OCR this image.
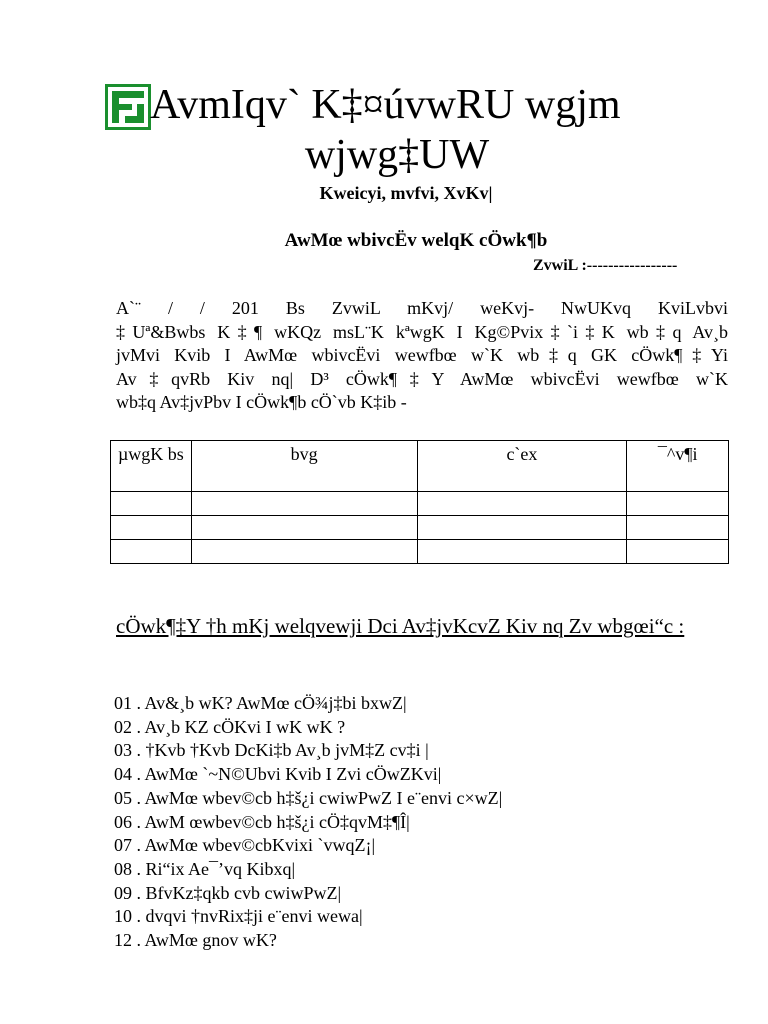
AvmIqv` K‡¤úvwRU wgjm
wjwg‡UW
Kweicyi, mvfvi, XvKv|
AwMœ wbivcËv welqK cÖwk¶b
ZvwiL :-----------------
A`¨ / / 201 Bs ZvwiL mKvj/ weKvj- NwUKvq KviLvbvi
‡Uª&Bwbs K‡¶ wKQz msL¨K kªwgK I Kg©Pvix‡`i‡K wb‡q Av¸b
jvMvi Kvib I AwMœ wbivcËvi wewfbœ w`K wb‡q GK cÖwk¶‡Yi
Av‡qvRb Kiv nq| D³ cÖwk¶‡Y AwMœ wbivcËvi wewfbœ w`K
wb‡q Av‡jvPbv I cÖwk¶b cÖ`vb K‡ib -
µwgK bs	bvg	c`ex	¯^v¶i

cÖwk¶‡Y †h mKj welqvewji Dci Av‡jvKcvZ Kiv nq Zv wbgœi“c :
01 . Av&¸b wK? AwMœ cÖ¾j‡bi bxwZ|
02 . Av¸b KZ cÖKvi I wK wK ?
03 . †Kvb †Kvb DcKi‡b Av¸b jvM‡Z cv‡i |
04 . AwMœ `~N©Ubvi Kvib I Zvi cÖwZKvi|
05 . AwMœ wbev©cb h‡š¿i cwiwPwZ I e¨envi c×wZ|
06 . AwM œwbev©cb h‡š¿i cÖ‡qvM‡¶Î|
07 . AwMœ wbev©cbKvixi `vwqZ¡|
08 . Ri“ix Ae¯’vq Kibxq|
09 . BfvKz‡qkb cvb cwiwPwZ|
10 . dvqvi †nvRix‡ji e¨envi wewa|
12 . AwMœ gnov wK?
